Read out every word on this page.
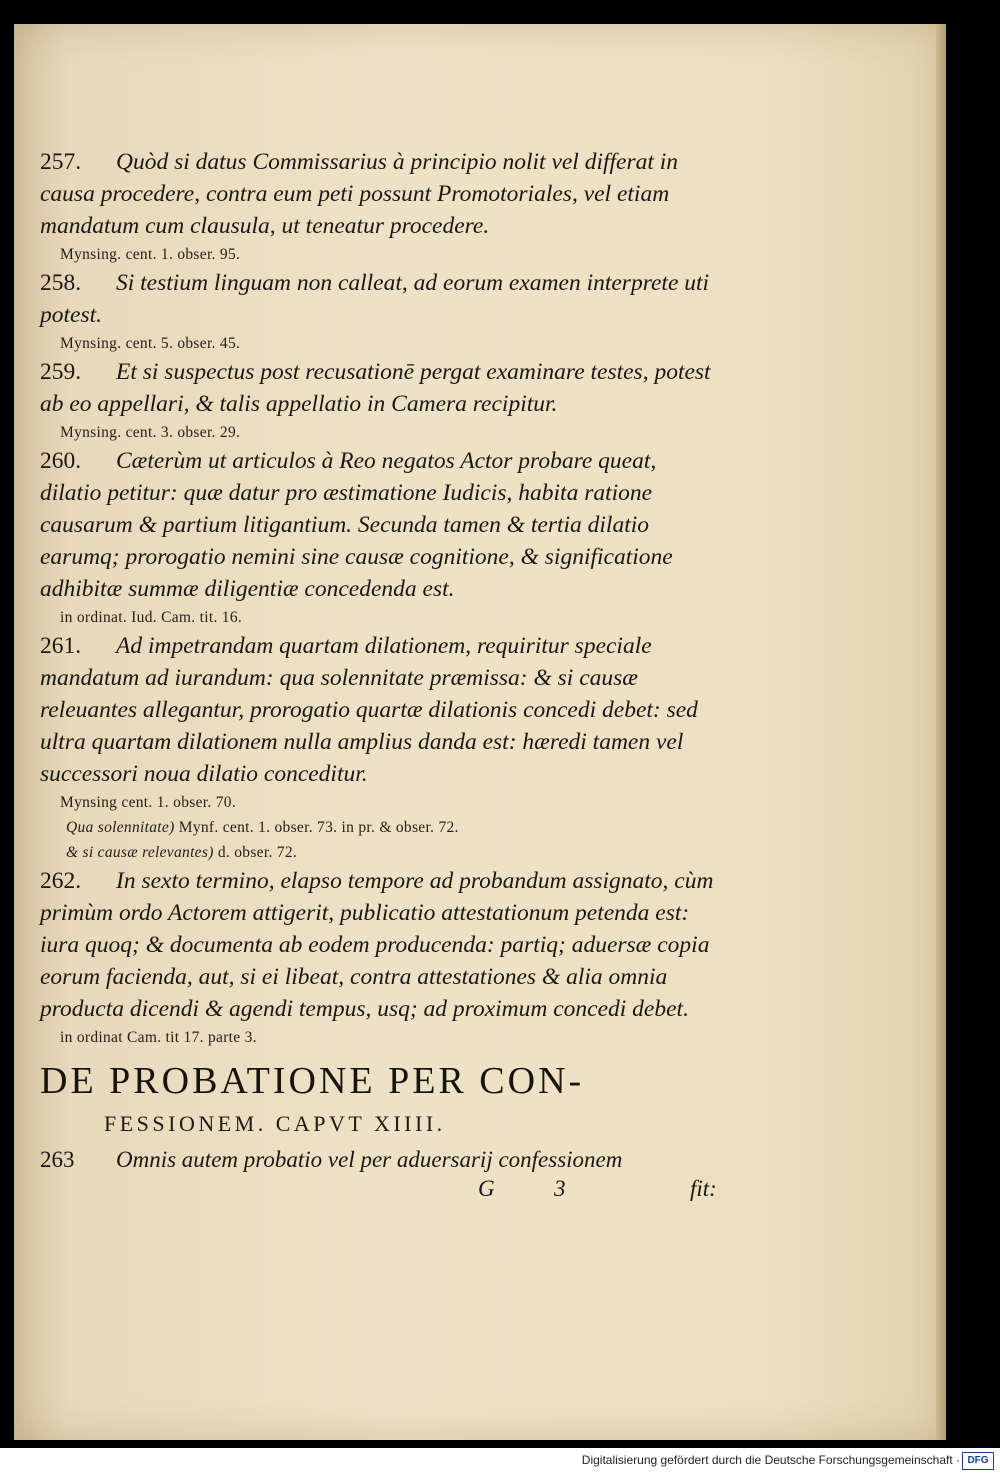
257. Quòd si datus Commissarius à principio nolit vel differat in causa procedere, contra eum peti possunt Promotoriales, vel etiam mandatum cum clausula, ut teneatur procedere.
Mynsing. cent. 1. obser. 95.
258. Si testium linguam non calleat, ad eorum examen interprete uti potest.
Mynsing. cent. 5. obser. 45.
259. Et si suspectus post recusationē pergat examinare testes, potest ab eo appellari, & talis appellatio in Camera recipitur.
Mynsing. cent. 3. obser. 29.
260. Cæterùm ut articulos à Reo negatos Actor probare queat, dilatio petitur: quæ datur pro æstimatione Iudicis, habita ratione causarum & partium litigantium. Secunda tamen & tertia dilatio earumq; prorogatio nemini sine causæ cognitione, & significatione adhibitæ summæ diligentiæ concedenda est.
in ordinat. Iud. Cam. tit. 16.
261. Ad impetrandam quartam dilationem, requiritur speciale mandatum ad iurandum: qua solennitate præmissa: & si causæ releuantes allegantur, prorogatio quartæ dilationis concedi debet: sed ultra quartam dilationem nulla amplius danda est: hæredi tamen vel successori noua dilatio conceditur.
Mynsing cent. 1. obser. 70.
Qua solennitate) Mynf. cent. 1. obser. 73. in pr. & obser. 72.
& si causæ relevantes) d. obser. 72.
262. In sexto termino, elapso tempore ad probandum assignato, cùm primùm ordo Actorem attigerit, publicatio attestationum petenda est: iura quoq; & documenta ab eodem producenda: partiq; aduersæ copia eorum facienda, aut, si ei libeat, contra attestationes & alia omnia producta dicendi & agendi tempus, usq; ad proximum concedi debet.
in ordinat Cam. tit 17. parte 3.
DE PROBATIONE PER CON-
FESSIONEM. CAPVT XIIII.
263 Omnis autem probatio vel per aduersarij confessionem
G	3	fit:
Digitalisierung gefördert durch die Deutsche Forschungsgemeinschaft · DFG
